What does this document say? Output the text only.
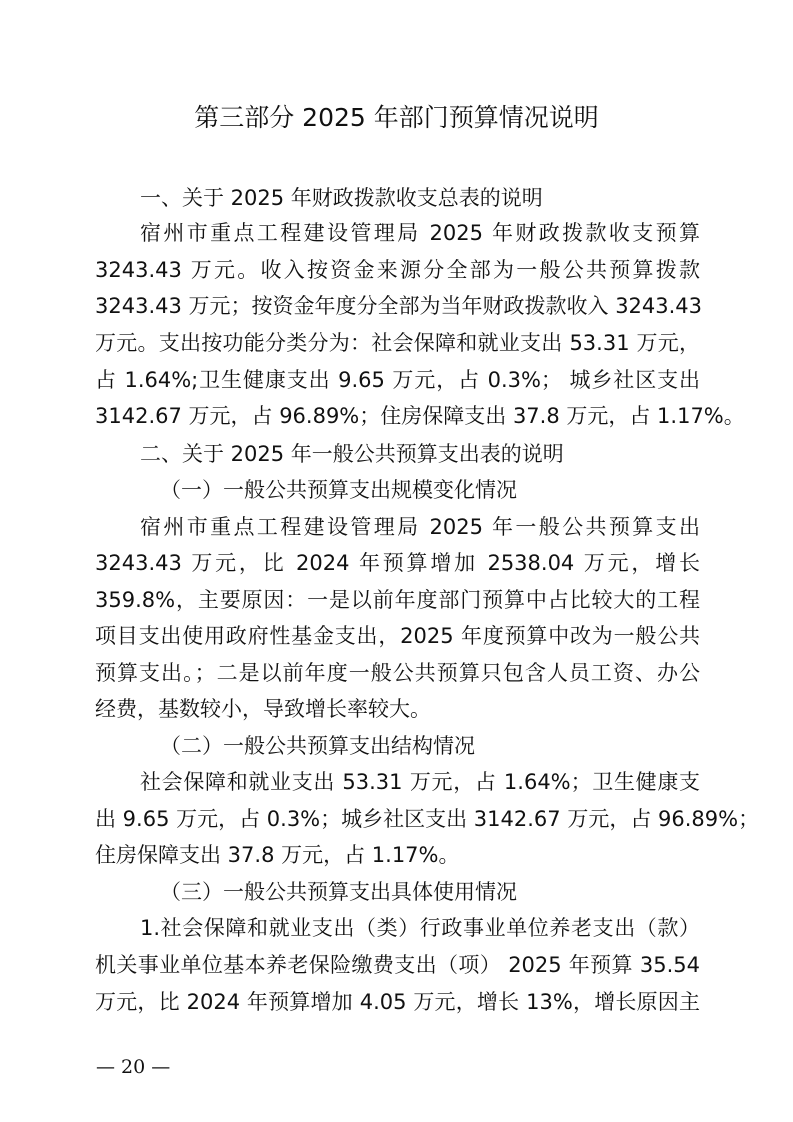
第三部分 2025 年部门预算情况说明
一、关于 2025 年财政拨款收支总表的说明
宿州市重点工程建设管理局 2025 年财政拨款收支预算
3243.43 万元。收入按资金来源分全部为一般公共预算拨款
3243.43 万元；按资金年度分全部为当年财政拨款收入 3243.43
万元。支出按功能分类分为：社会保障和就业支出 53.31 万元，
占 1.64%;卫生健康支出 9.65 万元，占 0.3%； 城乡社区支出
3142.67 万元，占 96.89%；住房保障支出 37.8 万元，占 1.17%。
二、关于 2025 年一般公共预算支出表的说明
（一）一般公共预算支出规模变化情况
宿州市重点工程建设管理局 2025 年一般公共预算支出
3243.43 万元，比 2024 年预算增加 2538.04 万元，增长
359.8%，主要原因：一是以前年度部门预算中占比较大的工程
项目支出使用政府性基金支出，2025 年度预算中改为一般公共
预算支出。；二是以前年度一般公共预算只包含人员工资、办公
经费，基数较小，导致增长率较大。
（二）一般公共预算支出结构情况
社会保障和就业支出 53.31 万元，占 1.64%；卫生健康支
出 9.65 万元，占 0.3%；城乡社区支出 3142.67 万元，占 96.89%；
住房保障支出 37.8 万元，占 1.17%。
（三）一般公共预算支出具体使用情况
1.社会保障和就业支出（类）行政事业单位养老支出（款）
机关事业单位基本养老保险缴费支出（项） 2025 年预算 35.54
万元，比 2024 年预算增加 4.05 万元，增长 13%，增长原因主
— 20 —
